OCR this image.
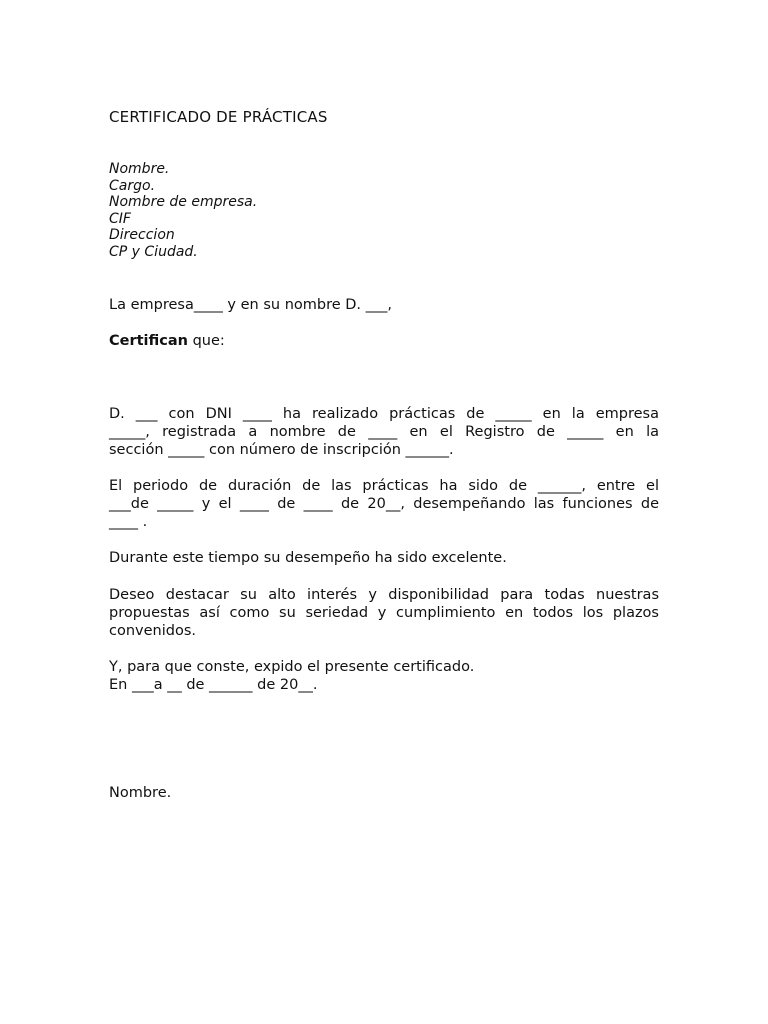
CERTIFICADO DE PRÁCTICAS
Nombre.
Cargo.
Nombre de empresa.
CIF
Direccion
CP y Ciudad.
La empresa____ y en su nombre D. ___,
Certifican que:
D. ___ con DNI ____ ha realizado prácticas de _____ en la empresa
_____, registrada a nombre de ____ en el Registro de _____ en la
sección _____ con número de inscripción ______.
El periodo de duración de las prácticas ha sido de ______, entre el
___de _____ y el ____ de ____ de 20__, desempeñando las funciones de
____ .
Durante este tiempo su desempeño ha sido excelente.
Deseo destacar su alto interés y disponibilidad para todas nuestras
propuestas así como su seriedad y cumplimiento en todos los plazos
convenidos.
Y, para que conste, expido el presente certificado.
En ___a __ de ______ de 20__.
Nombre.
